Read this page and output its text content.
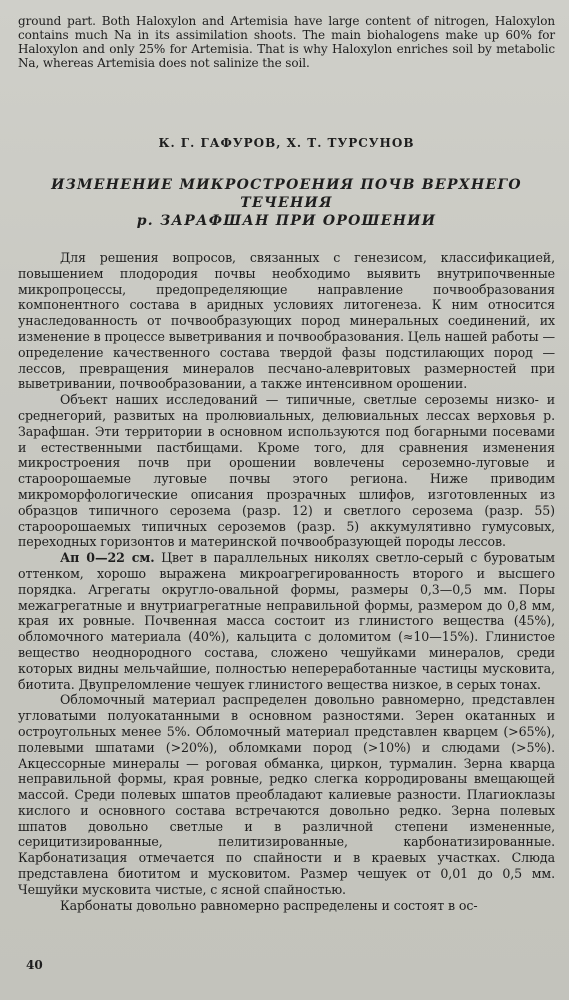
ground part. Both Haloxylon and Artemisia have large content of nitrogen, Haloxylon contains much Na in its assimilation shoots. The main biohalogens make up 60% for Haloxylon and only 25% for Artemisia. That is why Haloxylon enriches soil by metabolic Na, whereas Artemisia does not salinize the soil.

К. Г. ГАФУРОВ, Х. Т. ТУРСУНОВ
ИЗМЕНЕНИЕ МИКРОСТРОЕНИЯ ПОЧВ ВЕРХНЕГО ТЕЧЕНИЯ
р. ЗАРАФШАН ПРИ ОРОШЕНИИ

Для решения вопросов, связанных с генезисом, классификацией, повышением плодородия почвы необходимо выявить внутрипочвенные микропроцессы, предопределяющие направление почвообразования компонентного состава в аридных условиях литогенеза. К ним относится унаследованность от почвообразующих пород минеральных соединений, их изменение в процессе выветривания и почвообразования. Цель нашей работы — определение качественного состава твердой фазы подстилающих пород — лессов, превращения минералов песчано-алевритовых размерностей при выветривании, почвообразовании, а также интенсивном орошении.

Объект наших исследований — типичные, светлые сероземы низко- и среднегорий, развитых на пролювиальных, делювиальных лессах верховья р. Зарафшан. Эти территории в основном используются под богарными посевами и естественными пастбищами. Кроме того, для сравнения изменения микростроения почв при орошении вовлечены сероземно-луговые и староорошаемые луговые почвы этого региона. Ниже приводим микроморфологические описания прозрачных шлифов, изготовленных из образцов типичного серозема (разр. 12) и светлого серозема (разр. 55) староорошаемых типичных сероземов (разр. 5) аккумулятивно гумусовых, переходных горизонтов и материнской почвообразующей породы лессов.

Ап 0—22 см. Цвет в параллельных николях светло-серый с буроватым оттенком, хорошо выражена микроагрегированность второго и высшего порядка. Агрегаты округло-овальной формы, размеры 0,3—0,5 мм. Поры межагрегатные и внутриагрегатные неправильной формы, размером до 0,8 мм, края их ровные. Почвенная масса состоит из глинистого вещества (45%), обломочного материала (40%), кальцита с доломитом (≈10—15%). Глинистое вещество неоднородного состава, сложено чешуйками минералов, среди которых видны мельчайшие, полностью непереработанные частицы мусковита, биотита. Двупреломление чешуек глинистого вещества низкое, в серых тонах.

Обломочный материал распределен довольно равномерно, представлен угловатыми полуокатанными в основном разностями. Зерен окатанных и остроугольных менее 5%. Обломочный материал представлен кварцем (>65%), полевыми шпатами (>20%), обломками пород (>10%) и слюдами (>5%). Акцессорные минералы — роговая обманка, циркон, турмалин. Зерна кварца неправильной формы, края ровные, редко слегка корродированы вмещающей массой. Среди полевых шпатов преобладают калиевые разности. Плагиоклазы кислого и основного состава встречаются довольно редко. Зерна полевых шпатов довольно светлые и в различной степени измененные, серицитизированные, пелитизированные, карбонатизированные. Карбонатизация отмечается по спайности и в краевых участках. Слюда представлена биотитом и мусковитом. Размер чешуек от 0,01 до 0,5 мм. Чешуйки мусковита чистые, с ясной спайностью.

Карбонаты довольно равномерно распределены и состоят в ос-

40
